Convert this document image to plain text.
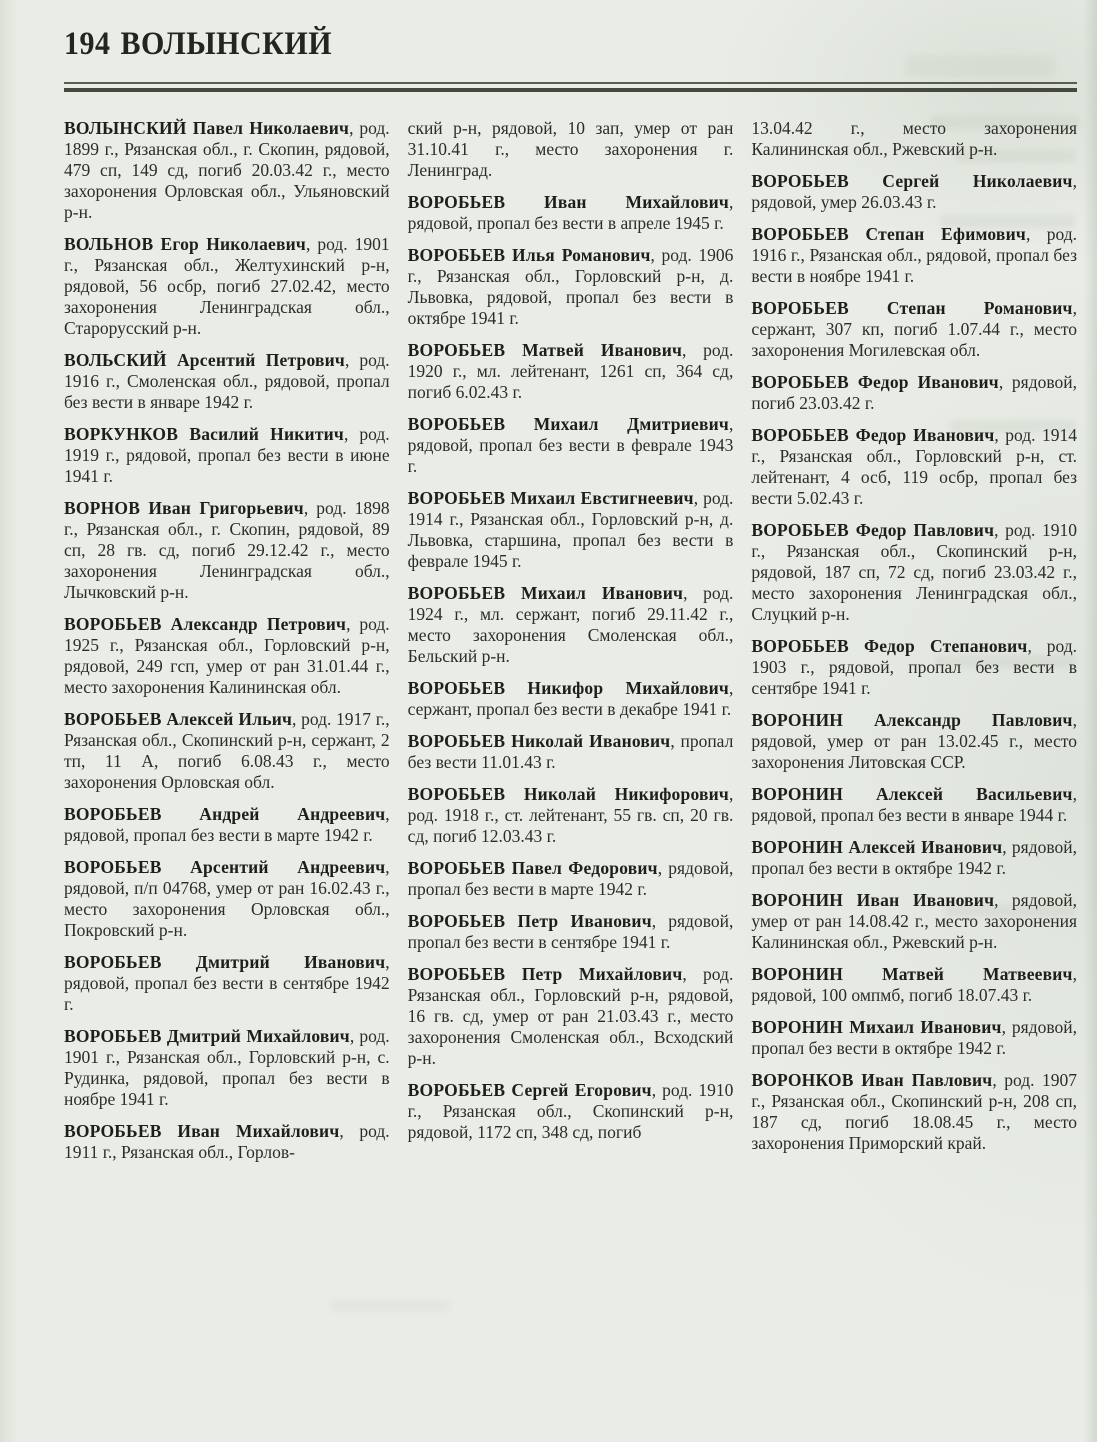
194 ВОЛЫНСКИЙ

ВОЛЫНСКИЙ Павел Николаевич, род. 1899 г., Рязанская обл., г. Скопин, рядовой, 479 сп, 149 сд, погиб 20.03.42 г., место захоронения Орловская обл., Ульяновский р-н.

ВОЛЬНОВ Егор Николаевич, род. 1901 г., Рязанская обл., Желтухинский р-н, рядовой, 56 осбр, погиб 27.02.42, место захоронения Ленинградская обл., Старорусский р-н.

ВОЛЬСКИЙ Арсентий Петрович, род. 1916 г., Смоленская обл., рядовой, пропал без вести в январе 1942 г.

ВОРКУНКОВ Василий Никитич, род. 1919 г., рядовой, пропал без вести в июне 1941 г.

ВОРНОВ Иван Григорьевич, род. 1898 г., Рязанская обл., г. Скопин, рядовой, 89 сп, 28 гв. сд, погиб 29.12.42 г., место захоронения Ленинградская обл., Лычковский р-н.

ВОРОБЬЕВ Александр Петрович, род. 1925 г., Рязанская обл., Горловский р-н, рядовой, 249 гсп, умер от ран 31.01.44 г., место захоронения Калининская обл.

ВОРОБЬЕВ Алексей Ильич, род. 1917 г., Рязанская обл., Скопинский р-н, сержант, 2 тп, 11 А, погиб 6.08.43 г., место захоронения Орловская обл.

ВОРОБЬЕВ Андрей Андреевич, рядовой, пропал без вести в марте 1942 г.

ВОРОБЬЕВ Арсентий Андреевич, рядовой, п/п 04768, умер от ран 16.02.43 г., место захоронения Орловская обл., Покровский р-н.

ВОРОБЬЕВ Дмитрий Иванович, рядовой, пропал без вести в сентябре 1942 г.

ВОРОБЬЕВ Дмитрий Михайлович, род. 1901 г., Рязанская обл., Горловский р-н, с. Рудинка, рядовой, пропал без вести в ноябре 1941 г.

ВОРОБЬЕВ Иван Михайлович, род. 1911 г., Рязанская обл., Горлов-

ский р-н, рядовой, 10 зап, умер от ран 31.10.41 г., место захоронения г. Ленинград.

ВОРОБЬЕВ Иван Михайлович, рядовой, пропал без вести в апреле 1945 г.

ВОРОБЬЕВ Илья Романович, род. 1906 г., Рязанская обл., Горловский р-н, д. Львовка, рядовой, пропал без вести в октябре 1941 г.

ВОРОБЬЕВ Матвей Иванович, род. 1920 г., мл. лейтенант, 1261 сп, 364 сд, погиб 6.02.43 г.

ВОРОБЬЕВ Михаил Дмитриевич, рядовой, пропал без вести в феврале 1943 г.

ВОРОБЬЕВ Михаил Евстигнеевич, род. 1914 г., Рязанская обл., Горловский р-н, д. Львовка, старшина, пропал без вести в феврале 1945 г.

ВОРОБЬЕВ Михаил Иванович, род. 1924 г., мл. сержант, погиб 29.11.42 г., место захоронения Смоленская обл., Бельский р-н.

ВОРОБЬЕВ Никифор Михайлович, сержант, пропал без вести в декабре 1941 г.

ВОРОБЬЕВ Николай Иванович, пропал без вести 11.01.43 г.

ВОРОБЬЕВ Николай Никифорович, род. 1918 г., ст. лейтенант, 55 гв. сп, 20 гв. сд, погиб 12.03.43 г.

ВОРОБЬЕВ Павел Федорович, рядовой, пропал без вести в марте 1942 г.

ВОРОБЬЕВ Петр Иванович, рядовой, пропал без вести в сентябре 1941 г.

ВОРОБЬЕВ Петр Михайлович, род. Рязанская обл., Горловский р-н, рядовой, 16 гв. сд, умер от ран 21.03.43 г., место захоронения Смоленская обл., Всходский р-н.

ВОРОБЬЕВ Сергей Егорович, род. 1910 г., Рязанская обл., Скопинский р-н, рядовой, 1172 сп, 348 сд, погиб

13.04.42 г., место захоронения Калининская обл., Ржевский р-н.

ВОРОБЬЕВ Сергей Николаевич, рядовой, умер 26.03.43 г.

ВОРОБЬЕВ Степан Ефимович, род. 1916 г., Рязанская обл., рядовой, пропал без вести в ноябре 1941 г.

ВОРОБЬЕВ Степан Романович, сержант, 307 кп, погиб 1.07.44 г., место захоронения Могилевская обл.

ВОРОБЬЕВ Федор Иванович, рядовой, погиб 23.03.42 г.

ВОРОБЬЕВ Федор Иванович, род. 1914 г., Рязанская обл., Горловский р-н, ст. лейтенант, 4 осб, 119 осбр, пропал без вести 5.02.43 г.

ВОРОБЬЕВ Федор Павлович, род. 1910 г., Рязанская обл., Скопинский р-н, рядовой, 187 сп, 72 сд, погиб 23.03.42 г., место захоронения Ленинградская обл., Слуцкий р-н.

ВОРОБЬЕВ Федор Степанович, род. 1903 г., рядовой, пропал без вести в сентябре 1941 г.

ВОРОНИН Александр Павлович, рядовой, умер от ран 13.02.45 г., место захоронения Литовская ССР.

ВОРОНИН Алексей Васильевич, рядовой, пропал без вести в январе 1944 г.

ВОРОНИН Алексей Иванович, рядовой, пропал без вести в октябре 1942 г.

ВОРОНИН Иван Иванович, рядовой, умер от ран 14.08.42 г., место захоронения Калининская обл., Ржевский р-н.

ВОРОНИН Матвей Матвеевич, рядовой, 100 омпмб, погиб 18.07.43 г.

ВОРОНИН Михаил Иванович, рядовой, пропал без вести в октябре 1942 г.

ВОРОНКОВ Иван Павлович, род. 1907 г., Рязанская обл., Скопинский р-н, 208 сп, 187 сд, погиб 18.08.45 г., место захоронения Приморский край.
